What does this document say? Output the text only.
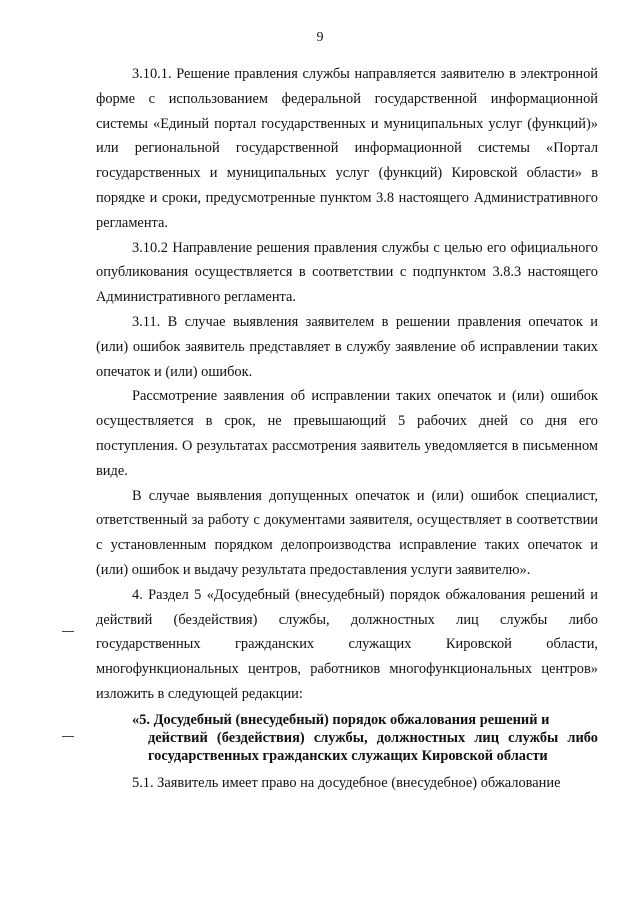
9

3.10.1. Решение правления службы направляется заявителю в электронной форме с использованием федеральной государственной информационной системы «Единый портал государственных и муниципальных услуг (функций)» или региональной государственной информационной системы «Портал государственных и муниципальных услуг (функций) Кировской области» в порядке и сроки, предусмотренные пунктом 3.8 настоящего Административного регламента.

3.10.2 Направление решения правления службы с целью его официального опубликования осуществляется в соответствии с подпунктом 3.8.3 настоящего Административного регламента.

3.11. В случае выявления заявителем в решении правления опечаток и (или) ошибок заявитель представляет в службу заявление об исправлении таких опечаток и (или) ошибок.

Рассмотрение заявления об исправлении таких опечаток и (или) ошибок осуществляется в срок, не превышающий 5 рабочих дней со дня его поступления. О результатах рассмотрения заявитель уведомляется в письменном виде.

В случае выявления допущенных опечаток и (или) ошибок специалист, ответственный за работу с документами заявителя, осуществляет в соответствии с установленным порядком делопроизводства исправление таких опечаток и (или) ошибок и выдачу результата предоставления услуги заявителю».

4. Раздел 5 «Досудебный (внесудебный) порядок обжалования решений и действий (бездействия) службы, должностных лиц службы либо государственных гражданских служащих Кировской области, многофункциональных центров, работников многофункциональных центров» изложить в следующей редакции:

«5. Досудебный (внесудебный) порядок обжалования решений и
действий (бездействия) службы, должностных лиц службы либо государственных гражданских служащих Кировской области

5.1. Заявитель имеет право на досудебное (внесудебное) обжалование
